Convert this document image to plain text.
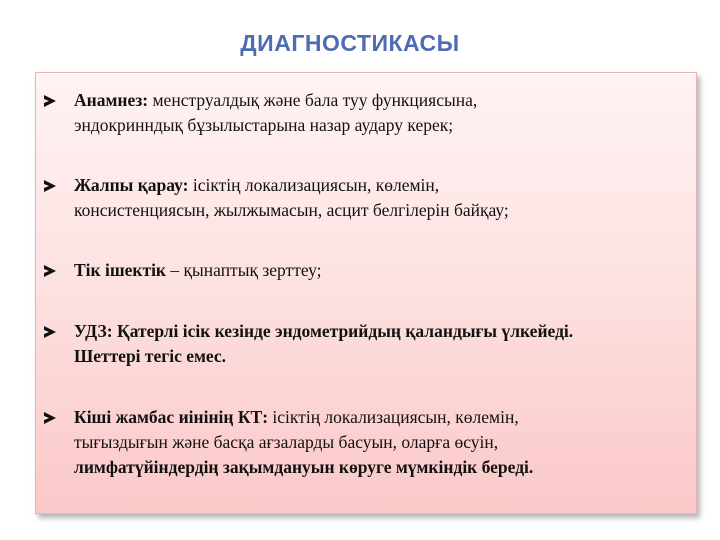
ДИАГНОСТИКАСЫ
Анамнез: менструалдық және бала туу функциясына,
эндокринндық бұзылыстарына назар аудару керек;
Жалпы қарау: ісіктің локализациясын, көлемін,
консистенциясын, жылжымасын, асцит белгілерін байқау;
Тік ішектік – қынаптық зерттеу;
УДЗ: Қатерлі ісік кезінде эндометрийдың қаландығы үлкейеді.
Шеттері тегіс емес.
Кіші жамбас иінінің КТ: ісіктің локализациясын, көлемін,
тығыздығын және басқа ағзаларды басуын, оларға өсуін,
лимфатүйіндердің зақымдануын көруге мүмкіндік береді.
